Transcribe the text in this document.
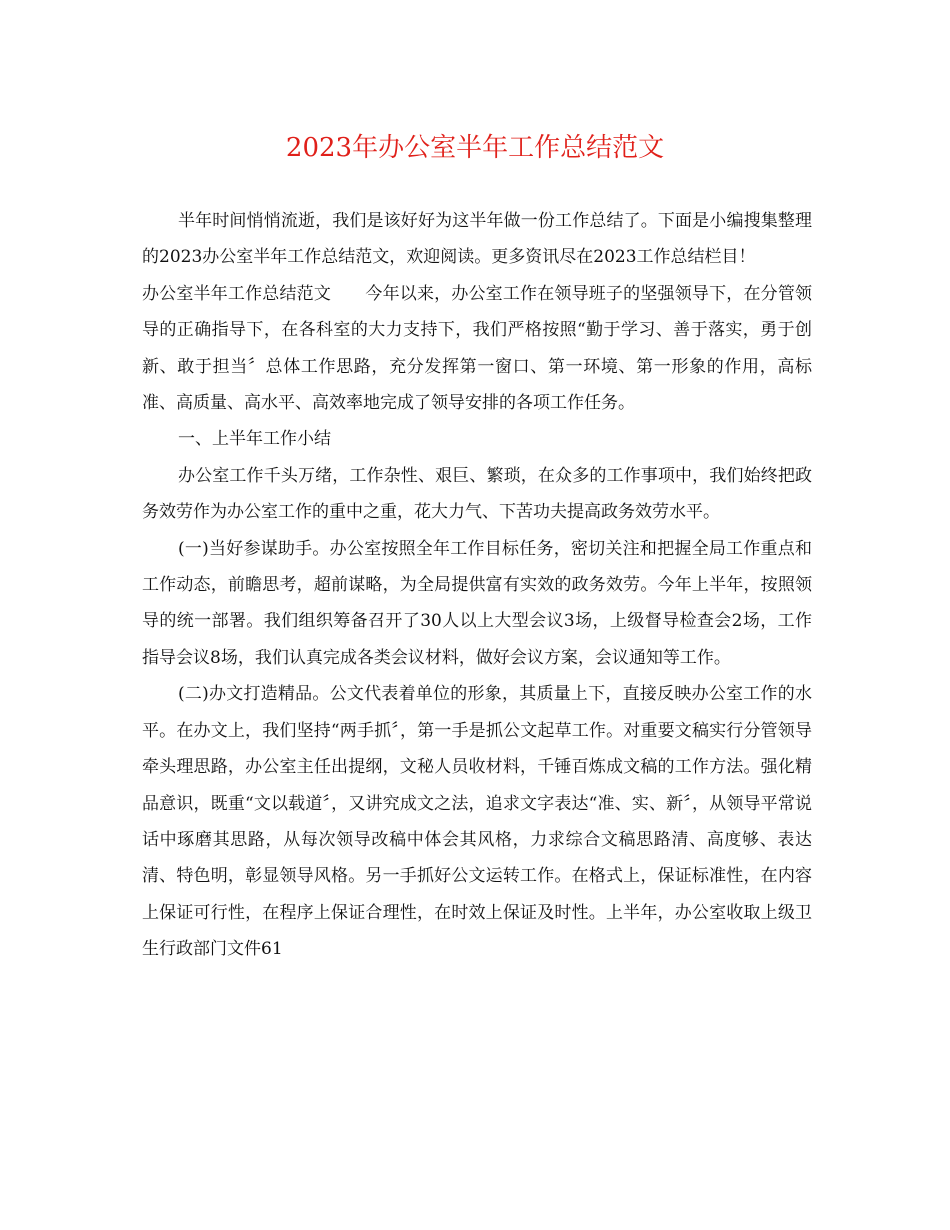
2023年办公室半年工作总结范文

半年时间悄悄流逝，我们是该好好为这半年做一份工作总结了。下面是小编搜集整理的2023办公室半年工作总结范文，欢迎阅读。更多资讯尽在2023工作总结栏目！

办公室半年工作总结范文　　今年以来，办公室工作在领导班子的坚强领导下，在分管领导的正确指导下，在各科室的大力支持下，我们严格按照“勤于学习、善于落实，勇于创新、敢于担当〞总体工作思路，充分发挥第一窗口、第一环境、第一形象的作用，高标准、高质量、高水平、高效率地完成了领导安排的各项工作任务。

一、上半年工作小结

办公室工作千头万绪，工作杂性、艰巨、繁琐，在众多的工作事项中，我们始终把政务效劳作为办公室工作的重中之重，花大力气、下苦功夫提高政务效劳水平。

(一)当好参谋助手。办公室按照全年工作目标任务，密切关注和把握全局工作重点和工作动态，前瞻思考，超前谋略，为全局提供富有实效的政务效劳。今年上半年，按照领导的统一部署。我们组织筹备召开了30人以上大型会议3场，上级督导检查会2场，工作指导会议8场，我们认真完成各类会议材料，做好会议方案，会议通知等工作。

(二)办文打造精品。公文代表着单位的形象，其质量上下，直接反映办公室工作的水平。在办文上，我们坚持“两手抓〞，第一手是抓公文起草工作。对重要文稿实行分管领导牵头理思路，办公室主任出提纲，文秘人员收材料，千锤百炼成文稿的工作方法。强化精品意识，既重“文以载道〞，又讲究成文之法，追求文字表达“准、实、新〞，从领导平常说话中琢磨其思路，从每次领导改稿中体会其风格，力求综合文稿思路清、高度够、表达清、特色明，彰显领导风格。另一手抓好公文运转工作。在格式上，保证标准性，在内容上保证可行性，在程序上保证合理性，在时效上保证及时性。上半年，办公室收取上级卫生行政部门文件61
